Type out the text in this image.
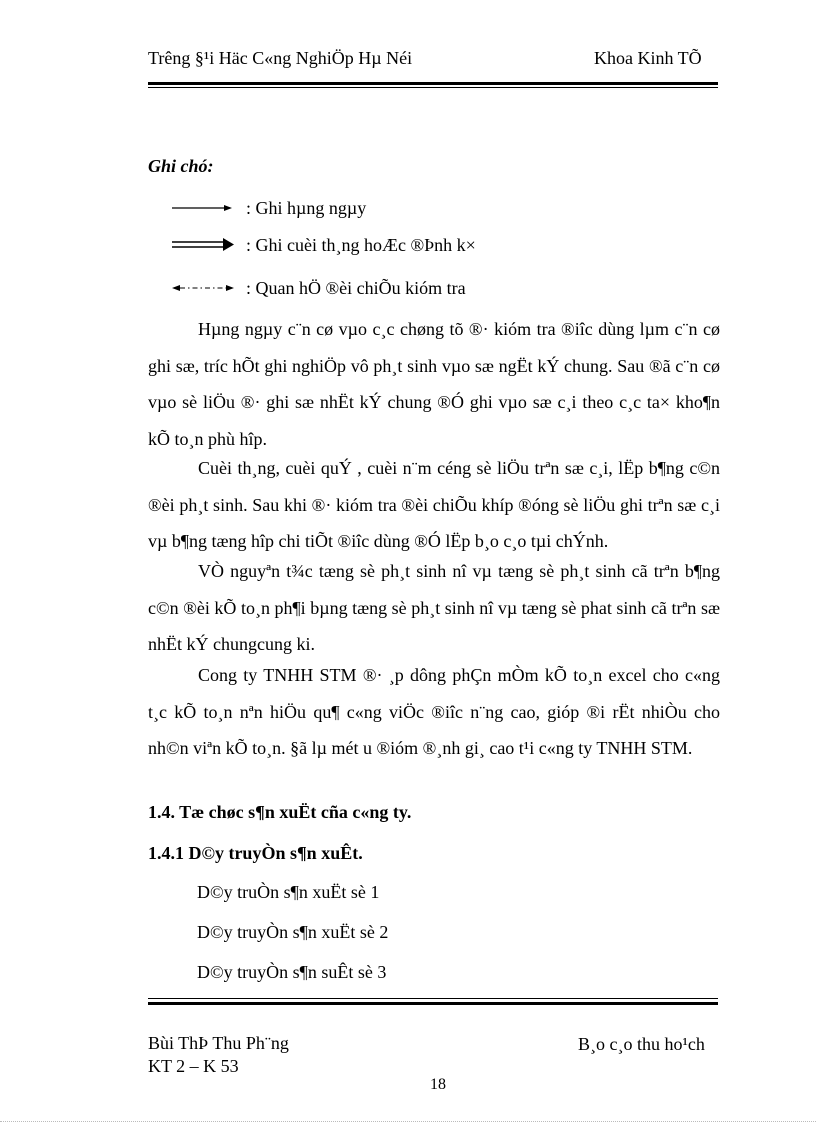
Trêng §¹i Häc C«ng NghiÖp Hµ Néi	Khoa Kinh TÕ
Ghi chó:
: Ghi hµng ngµy
: Ghi cuèi th¸ng hoÆc ®Þnh k×
: Quan hÖ ®èi chiÕu kióm tra

Hµng ngµy c¨n cø vµo c¸c chøng tõ ®· kióm tra ®iîc dùng lµm c¨n cø ghi sæ, tríc hÕt ghi nghiÖp vô ph¸t sinh vµo sæ ngËt kÝ chung. Sau ®ã c¨n cø vµo sè liÖu ®· ghi sæ nhËt kÝ chung ®Ó ghi vµo sæ c¸i theo c¸c ta× kho¶n kÕ to¸n phù hîp.

Cuèi th¸ng, cuèi quÝ , cuèi n¨m céng sè liÖu trªn sæ c¸i, lËp b¶ng c©n ®èi ph¸t sinh. Sau khi ®· kióm tra ®èi chiÕu khíp ®óng sè liÖu ghi trªn sæ c¸i vµ b¶ng tæng hîp chi tiÕt ®iîc dùng ®Ó lËp b¸o c¸o tµi chÝnh.

VÒ nguyªn t¾c tæng sè ph¸t sinh nî vµ tæng sè ph¸t sinh cã trªn b¶ng c©n ®èi kÕ to¸n ph¶i bµng tæng sè ph¸t sinh nî vµ tæng sè phat sinh cã trªn sæ nhËt kÝ chungcung ki.

Cong ty TNHH STM ®· ¸p dông phÇn mÒm kÕ to¸n excel cho c«ng t¸c kÕ to¸n nªn hiÖu qu¶ c«ng viÖc ®iîc n¨ng cao, gióp ®i rËt nhiÒu cho nh©n viªn kÕ to¸n. §ã lµ mét u ®ióm ®¸nh gi¸ cao t¹i c«ng ty TNHH STM.

1.4. Tæ chøc s¶n xuËt cña c«ng ty.
1.4.1 D©y truyÒn s¶n xuÊt.
D©y truÒn s¶n xuËt sè 1
D©y truyÒn s¶n xuËt sè 2
D©y truyÒn s¶n suÊt sè 3
Bùi ThÞ Thu Ph¨ng
KT 2 – K 53
B¸o c¸o thu ho¹ch
18
